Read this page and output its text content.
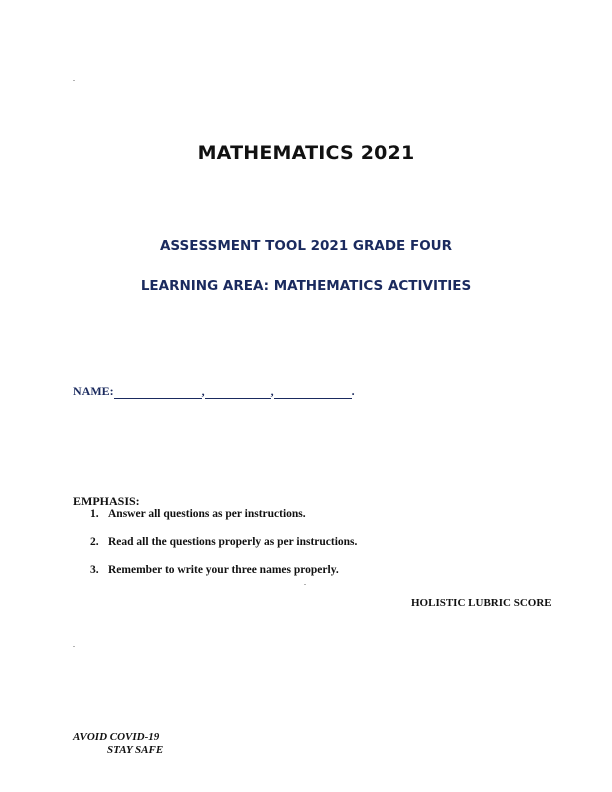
.
MATHEMATICS 2021
ASSESSMENT TOOL 2021 GRADE FOUR
LEARNING AREA: MATHEMATICS ACTIVITIES
NAME:	,	,	.
EMPHASIS:
1. Answer all questions as per instructions.
2. Read all the questions properly as per instructions.
3. Remember to write your three names properly.
.
HOLISTIC LUBRIC SCORE
.
AVOID COVID-19
STAY SAFE
